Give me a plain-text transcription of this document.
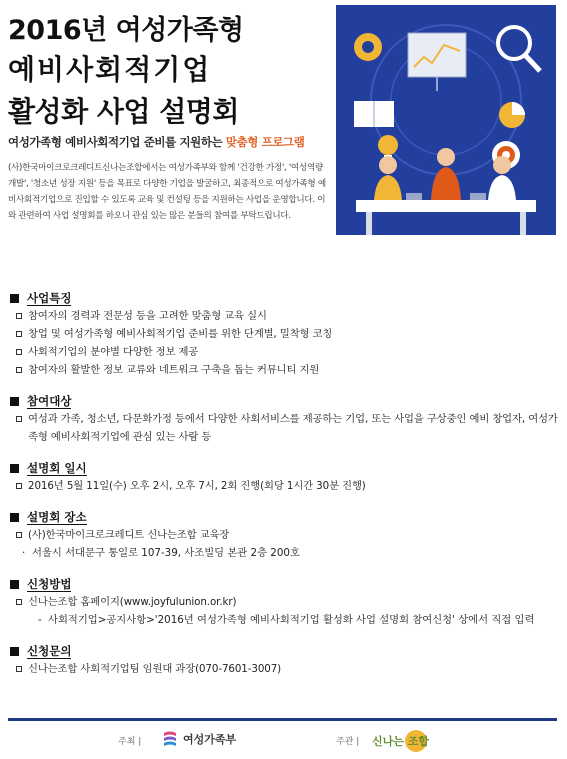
2016년 여성가족형
예비사회적기업
활성화 사업 설명회
여성가족형 예비사회적기업 준비를 지원하는 맞춤형 프로그램
(사)한국마이크로크레디트신나는조합에서는 여성가족부와 함께 '건강한 가정', '여성역량 개발', '청소년 성장 지원' 등을 목표로 다양한 기업을 발굴하고, 최종적으로 여성가족형 예비사회적기업으로 진입할 수 있도록 교육 및 컨설팅 등을 지원하는 사업을 운영합니다. 이와 관련하여 사업 설명회를 하오니 관심 있는 많은 분들의 참여를 부탁드립니다.
사업특징
참여자의 경력과 전문성 등을 고려한 맞춤형 교육 실시
창업 및 여성가족형 예비사회적기업 준비를 위한 단계별, 밀착형 코칭
사회적기업의 분야별 다양한 정보 제공
참여자의 활발한 정보 교류와 네트워크 구축을 돕는 커뮤니티 지원
참여대상
여성과 가족, 청소년, 다문화가정 등에서 다양한 사회서비스를 제공하는 기업, 또는 사업을 구상중인 예비 창업자, 여성가족형 예비사회적기업에 관심 있는 사람 등
설명회 일시
2016년 5월 11일(수) 오후 2시, 오후 7시, 2회 진행(회당 1시간 30분 진행)
설명회 장소
(사)한국마이크로크레디트 신나는조합 교육장
· 서울시 서대문구 통일로 107-39, 사조빌딩 본관 2층 200호
신청방법
신나는조합 홈페이지(www.joyfulunion.or.kr)
- 사회적기업>공지사항>'2016년 여성가족형 예비사회적기업 활성화 사업 설명회 참여신청' 상에서 직접 입력
신청문의
신나는조합 사회적기업팀 임원대 과장(070-7601-3007)
주최 |	여성가족부	주관 | 신나는 조합
